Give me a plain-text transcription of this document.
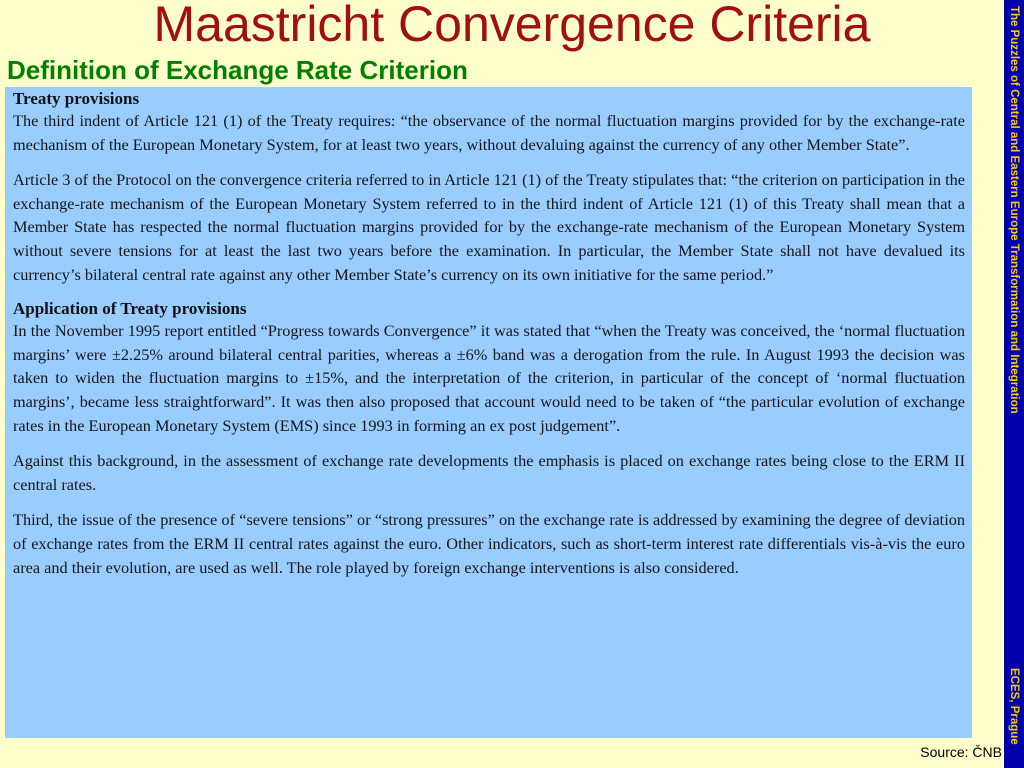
Maastricht Convergence Criteria
Definition of Exchange Rate Criterion
Treaty provisions

The third indent of Article 121 (1) of the Treaty requires: “the observance of the normal fluctuation margins provided for by the exchange-rate mechanism of the European Monetary System, for at least two years, without devaluing against the currency of any other Member State”.

Article 3 of the Protocol on the convergence criteria referred to in Article 121 (1) of the Treaty stipulates that: “the criterion on participation in the exchange-rate mechanism of the European Monetary System referred to in the third indent of Article 121 (1) of this Treaty shall mean that a Member State has respected the normal fluctuation margins provided for by the exchange-rate mechanism of the European Monetary System without severe tensions for at least the last two years before the examination. In particular, the Member State shall not have devalued its currency’s bilateral central rate against any other Member State’s currency on its own initiative for the same period.”

Application of Treaty provisions

In the November 1995 report entitled “Progress towards Convergence” it was stated that “when the Treaty was conceived, the ‘normal fluctuation margins’ were ±2.25% around bilateral central parities, whereas a ±6% band was a derogation from the rule. In August 1993 the decision was taken to widen the fluctuation margins to ±15%, and the interpretation of the criterion, in particular of the concept of ‘normal fluctuation margins’, became less straightforward”. It was then also proposed that account would need to be taken of “the particular evolution of exchange rates in the European Monetary System (EMS) since 1993 in forming an ex post judgement”.

Against this background, in the assessment of exchange rate developments the emphasis is placed on exchange rates being close to the ERM II central rates.

Third, the issue of the presence of “severe tensions” or “strong pressures” on the exchange rate is addressed by examining the degree of deviation of exchange rates from the ERM II central rates against the euro. Other indicators, such as short-term interest rate differentials vis-à-vis the euro area and their evolution, are used as well. The role played by foreign exchange interventions is also considered.

The Puzzles of Central and Eastern Europe Transformation and Integration
ECES, Prague
Source: ČNB
